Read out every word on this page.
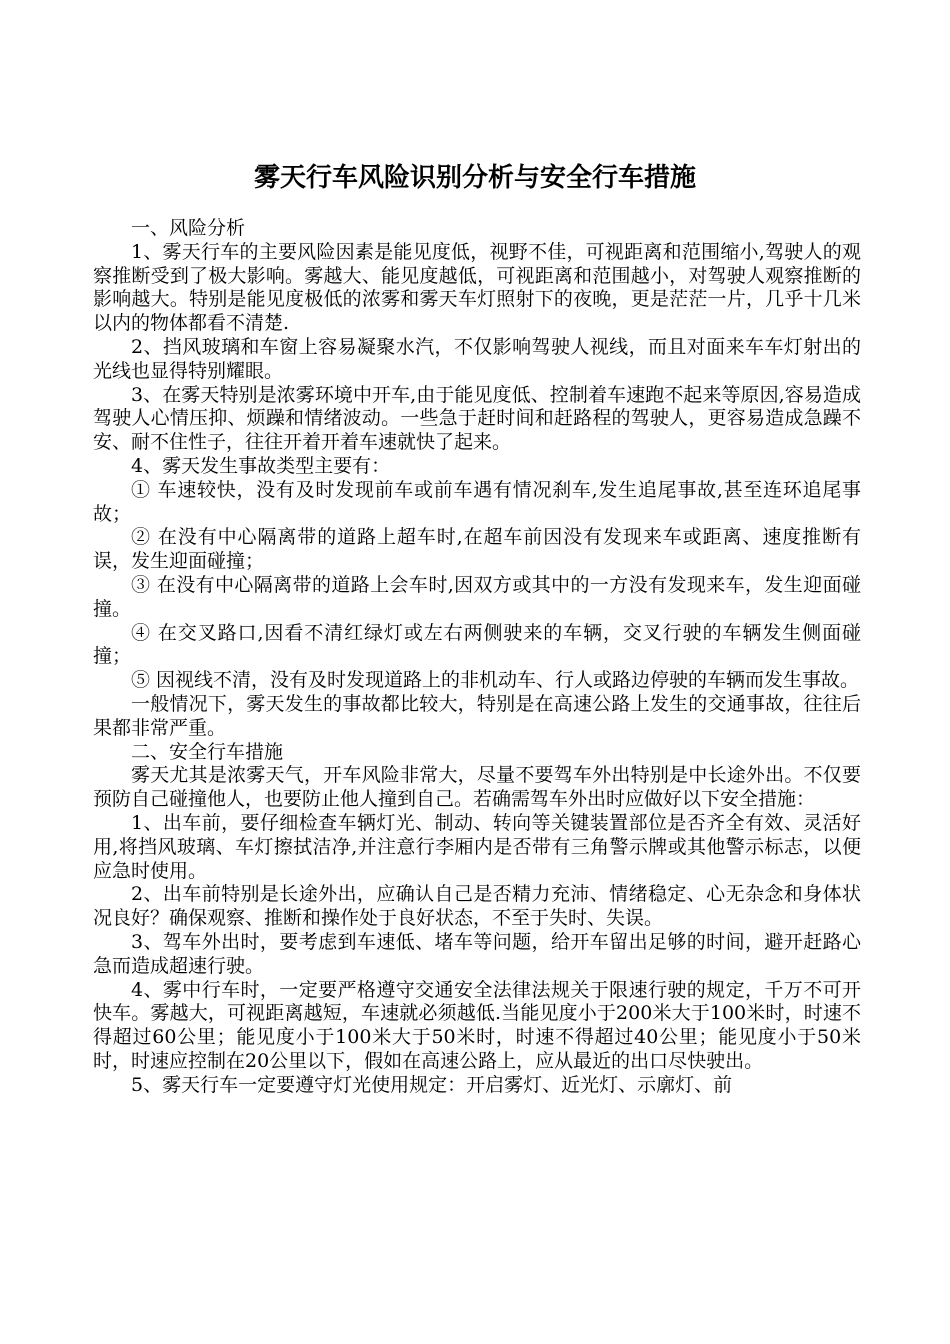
雾天行车风险识别分析与安全行车措施

一、风险分析

1、雾天行车的主要风险因素是能见度低，视野不佳，可视距离和范围缩小,驾驶人的观察推断受到了极大影响。雾越大、能见度越低，可视距离和范围越小，对驾驶人观察推断的影响越大。特别是能见度极低的浓雾和雾天车灯照射下的夜晚，更是茫茫一片，几乎十几米以内的物体都看不清楚.

2、挡风玻璃和车窗上容易凝聚水汽，不仅影响驾驶人视线，而且对面来车车灯射出的光线也显得特别耀眼。

3、在雾天特别是浓雾环境中开车,由于能见度低、控制着车速跑不起来等原因,容易造成驾驶人心情压抑、烦躁和情绪波动。一些急于赶时间和赶路程的驾驶人，更容易造成急躁不安、耐不住性子，往往开着开着车速就快了起来。

4、雾天发生事故类型主要有：

① 车速较快，没有及时发现前车或前车遇有情况刹车,发生追尾事故,甚至连环追尾事故；

② 在没有中心隔离带的道路上超车时,在超车前因没有发现来车或距离、速度推断有误，发生迎面碰撞；

③ 在没有中心隔离带的道路上会车时,因双方或其中的一方没有发现来车，发生迎面碰撞。

④ 在交叉路口,因看不清红绿灯或左右两侧驶来的车辆，交叉行驶的车辆发生侧面碰撞；

⑤ 因视线不清，没有及时发现道路上的非机动车、行人或路边停驶的车辆而发生事故。

一般情况下，雾天发生的事故都比较大，特别是在高速公路上发生的交通事故，往往后果都非常严重。

二、安全行车措施

雾天尤其是浓雾天气，开车风险非常大，尽量不要驾车外出特别是中长途外出。不仅要预防自己碰撞他人，也要防止他人撞到自己。若确需驾车外出时应做好以下安全措施：

1、出车前，要仔细检查车辆灯光、制动、转向等关键装置部位是否齐全有效、灵活好用,将挡风玻璃、车灯擦拭洁净,并注意行李厢内是否带有三角警示牌或其他警示标志，以便应急时使用。

2、出车前特别是长途外出，应确认自己是否精力充沛、情绪稳定、心无杂念和身体状况良好？确保观察、推断和操作处于良好状态，不至于失时、失误。

3、驾车外出时，要考虑到车速低、堵车等问题，给开车留出足够的时间，避开赶路心急而造成超速行驶。

4、雾中行车时，一定要严格遵守交通安全法律法规关于限速行驶的规定，千万不可开快车。雾越大，可视距离越短，车速就必须越低.当能见度小于200米大于100米时，时速不得超过60公里；能见度小于100米大于50米时，时速不得超过40公里；能见度小于50米时，时速应控制在20公里以下，假如在高速公路上，应从最近的出口尽快驶出。

5、雾天行车一定要遵守灯光使用规定：开启雾灯、近光灯、示廓灯、前
